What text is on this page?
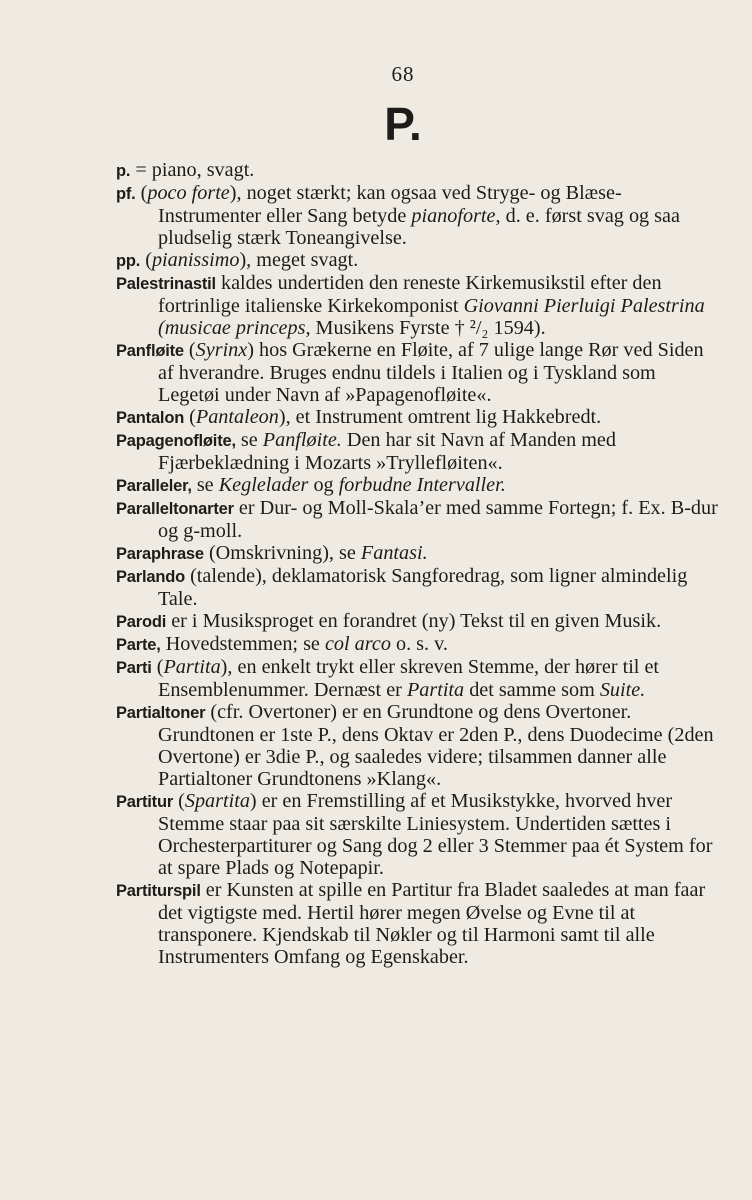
68
P.

p. = piano, svagt.

pf. (poco forte), noget stærkt; kan ogsaa ved Stryge- og Blæse-Instrumenter eller Sang betyde pianoforte, d. e. først svag og saa pludselig stærk Toneangivelse.

pp. (pianissimo), meget svagt.

Palestrinastil kaldes undertiden den reneste Kirkemusikstil efter den fortrinlige italienske Kirkekomponist Giovanni Pierluigi Palestrina (musicae princeps, Musikens Fyrste † ²/₂ 1594).

Panfløite (Syrinx) hos Grækerne en Fløite, af 7 ulige lange Rør ved Siden af hverandre. Bruges endnu tildels i Italien og i Tyskland som Legetøi under Navn af »Papagenofløite«.

Pantalon (Pantaleon), et Instrument omtrent lig Hakkebredt.

Papagenofløite, se Panfløite. Den har sit Navn af Manden med Fjærbeklædning i Mozarts »Tryllefløiten«.

Paralleler, se Keglelader og forbudne Intervaller.

Paralleltonarter er Dur- og Moll-Skala’er med samme Fortegn; f. Ex. B-dur og g-moll.

Paraphrase (Omskrivning), se Fantasi.

Parlando (talende), deklamatorisk Sangforedrag, som ligner almindelig Tale.

Parodi er i Musiksproget en forandret (ny) Tekst til en given Musik.

Parte, Hovedstemmen; se col arco o. s. v.

Parti (Partita), en enkelt trykt eller skreven Stemme, der hører til et Ensemblenummer. Dernæst er Partita det samme som Suite.

Partialtoner (cfr. Overtoner) er en Grundtone og dens Overtoner. Grundtonen er 1ste P., dens Oktav er 2den P., dens Duodecime (2den Overtone) er 3die P., og saaledes videre; tilsammen danner alle Partialtoner Grundtonens »Klang«.

Partitur (Spartita) er en Fremstilling af et Musikstykke, hvorved hver Stemme staar paa sit særskilte Liniesystem. Undertiden sættes i Orchesterpartiturer og Sang dog 2 eller 3 Stemmer paa ét System for at spare Plads og Notepapir.

Partiturspil er Kunsten at spille en Partitur fra Bladet saaledes at man faar det vigtigste med. Hertil hører megen Øvelse og Evne til at transponere. Kjendskab til Nøkler og til Harmoni samt til alle Instrumenters Omfang og Egenskaber.
